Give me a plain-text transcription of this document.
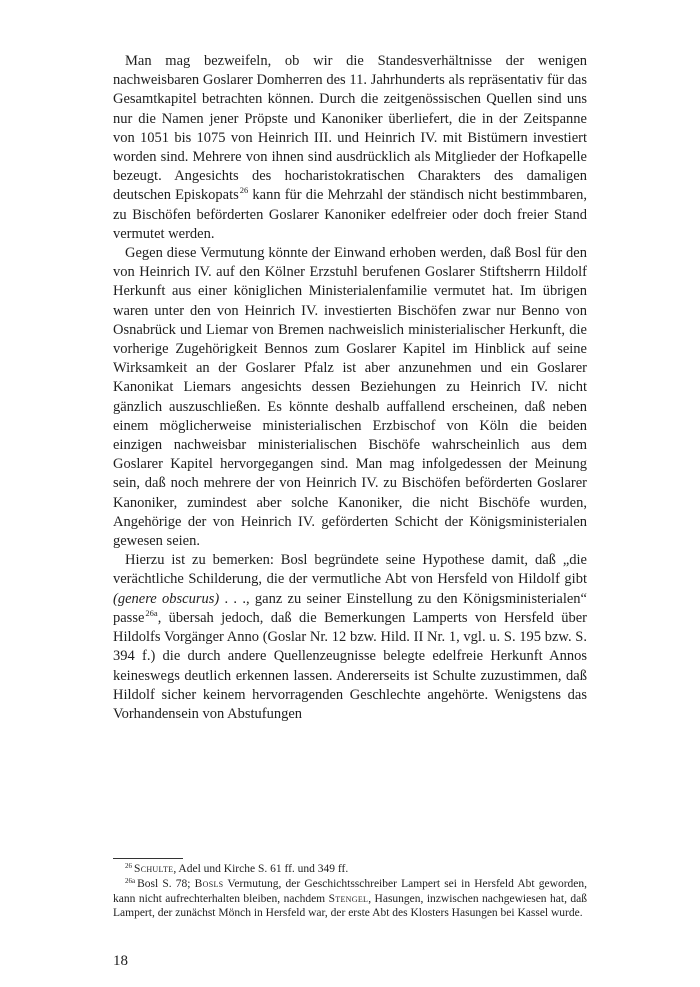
Man mag bezweifeln, ob wir die Standesverhältnisse der wenigen nachweisbaren Goslarer Domherren des 11. Jahrhunderts als repräsentativ für das Gesamtkapitel betrachten können. Durch die zeitgenössischen Quellen sind uns nur die Namen jener Pröpste und Kanoniker überliefert, die in der Zeitspanne von 1051 bis 1075 von Heinrich III. und Heinrich IV. mit Bistümern investiert worden sind. Mehrere von ihnen sind ausdrücklich als Mitglieder der Hofkapelle bezeugt. Angesichts des hocharistokratischen Charakters des damaligen deutschen Episkopats$^{26}$ kann für die Mehrzahl der ständisch nicht bestimmbaren, zu Bischöfen beförderten Goslarer Kanoniker edelfreier oder doch freier Stand vermutet werden.

Gegen diese Vermutung könnte der Einwand erhoben werden, daß Bosl für den von Heinrich IV. auf den Kölner Erzstuhl berufenen Goslarer Stiftsherrn Hildolf Herkunft aus einer königlichen Ministerialenfamilie vermutet hat. Im übrigen waren unter den von Heinrich IV. investierten Bischöfen zwar nur Benno von Osnabrück und Liemar von Bremen nachweislich ministerialischer Herkunft, die vorherige Zugehörigkeit Bennos zum Goslarer Kapitel im Hinblick auf seine Wirksamkeit an der Goslarer Pfalz ist aber anzunehmen und ein Goslarer Kanonikat Liemars angesichts dessen Beziehungen zu Heinrich IV. nicht gänzlich auszuschließen. Es könnte deshalb auffallend erscheinen, daß neben einem möglicherweise ministerialischen Erzbischof von Köln die beiden einzigen nachweisbar ministerialischen Bischöfe wahrscheinlich aus dem Goslarer Kapitel hervorgegangen sind. Man mag infolgedessen der Meinung sein, daß noch mehrere der von Heinrich IV. zu Bischöfen beförderten Goslarer Kanoniker, zumindest aber solche Kanoniker, die nicht Bischöfe wurden, Angehörige der von Heinrich IV. geförderten Schicht der Königsministerialen gewesen seien.

Hierzu ist zu bemerken: Bosl begründete seine Hypothese damit, daß „die verächtliche Schilderung, die der vermutliche Abt von Hersfeld von Hildolf gibt (genere obscurus) . . ., ganz zu seiner Einstellung zu den Königsministerialen“ passe$^{26a}$, übersah jedoch, daß die Bemerkungen Lamperts von Hersfeld über Hildolfs Vorgänger Anno (Goslar Nr. 12 bzw. Hild. II Nr. 1, vgl. u. S. 195 bzw. S. 394 f.) die durch andere Quellenzeugnisse belegte edelfreie Herkunft Annos keineswegs deutlich erkennen lassen. Andererseits ist Schulte zuzustimmen, daß Hildolf sicher keinem hervorragenden Geschlechte angehörte. Wenigstens das Vorhandensein von Abstufungen

$^{26}$ Schulte, Adel und Kirche S. 61 ff. und 349 ff.

$^{26a}$ Bosl S. 78; Bosls Vermutung, der Geschichtsschreiber Lampert sei in Hersfeld Abt geworden, kann nicht aufrechterhalten bleiben, nachdem Stengel, Hasungen, inzwischen nachgewiesen hat, daß Lampert, der zunächst Mönch in Hersfeld war, der erste Abt des Klosters Hasungen bei Kassel wurde.

18
